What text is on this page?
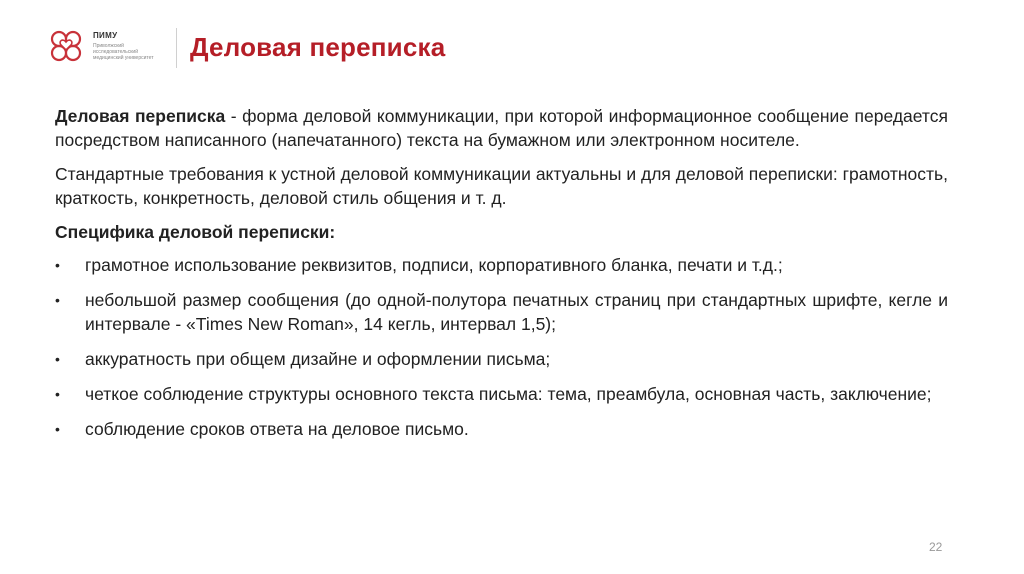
ПИМУ
Приволжский
исследовательский
медицинский университет Деловая переписка

Деловая переписка - форма деловой коммуникации, при которой информационное сообщение передается посредством написанного (напечатанного) текста на бумажном или электронном носителе.

Стандартные требования к устной деловой коммуникации актуальны и для деловой переписки: грамотность, краткость, конкретность, деловой стиль общения и т. д.

Специфика деловой переписки:

• грамотное использование реквизитов, подписи, корпоративного бланка, печати и т.д.;
• небольшой размер сообщения (до одной-полутора печатных страниц при стандартных шрифте, кегле и интервале - «Times New Roman», 14 кегль, интервал 1,5);
• аккуратность при общем дизайне и оформлении письма;
• четкое соблюдение структуры основного текста письма: тема, преамбула, основная часть, заключение;
• соблюдение сроков ответа на деловое письмо.
22
